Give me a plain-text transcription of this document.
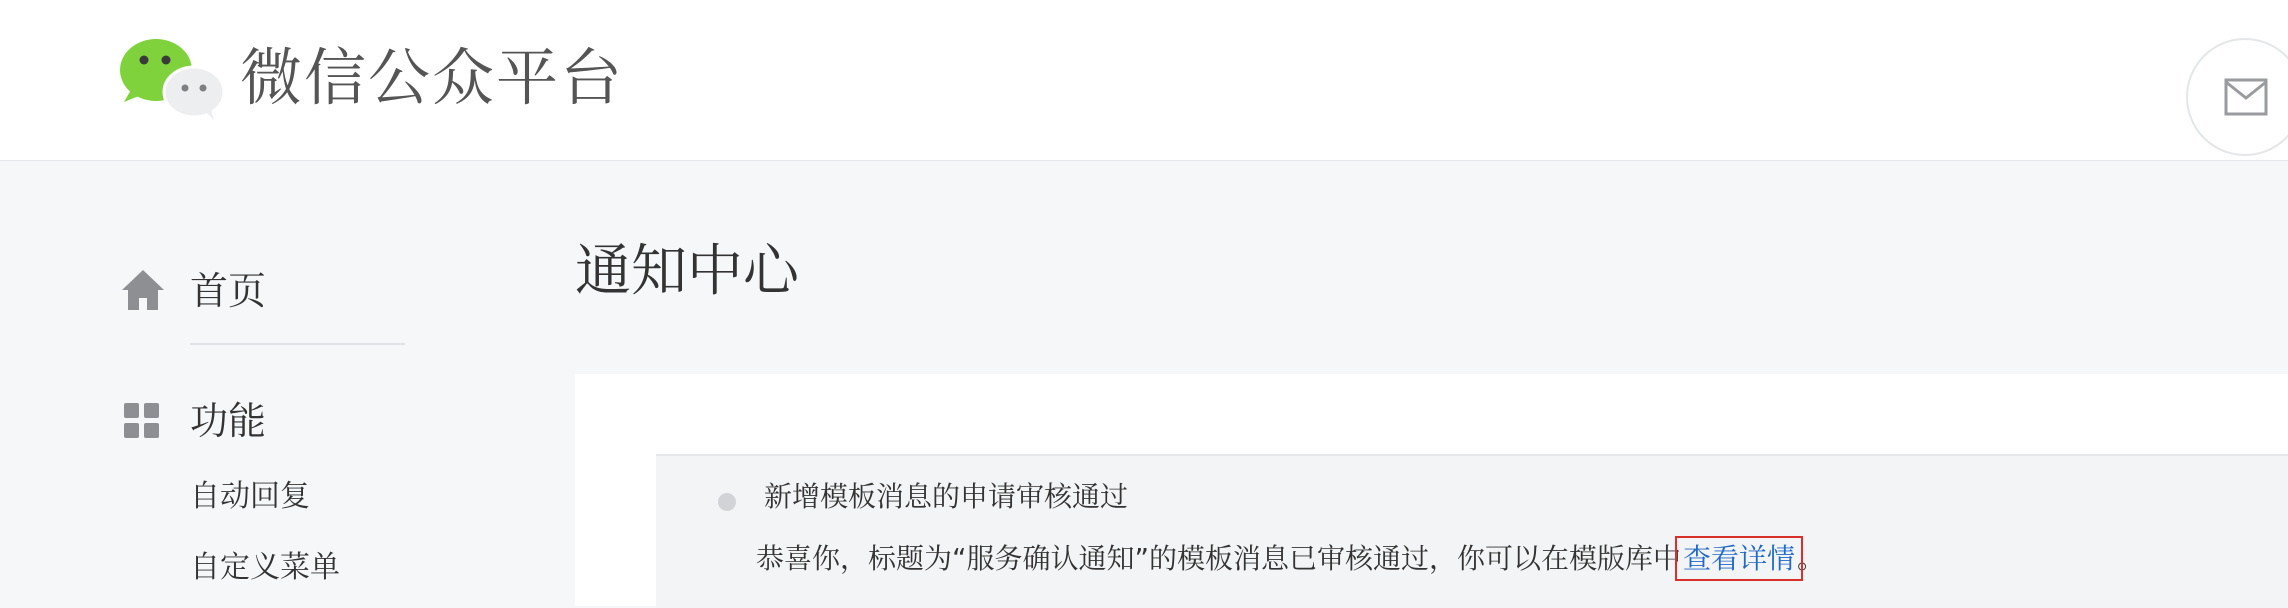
微信公众平台
首页
功能
自动回复
自定义菜单
通知中心
新增模板消息的申请审核通过
恭喜你，标题为“服务确认通知”的模板消息已审核通过，你可以在模版库中查看详情。
